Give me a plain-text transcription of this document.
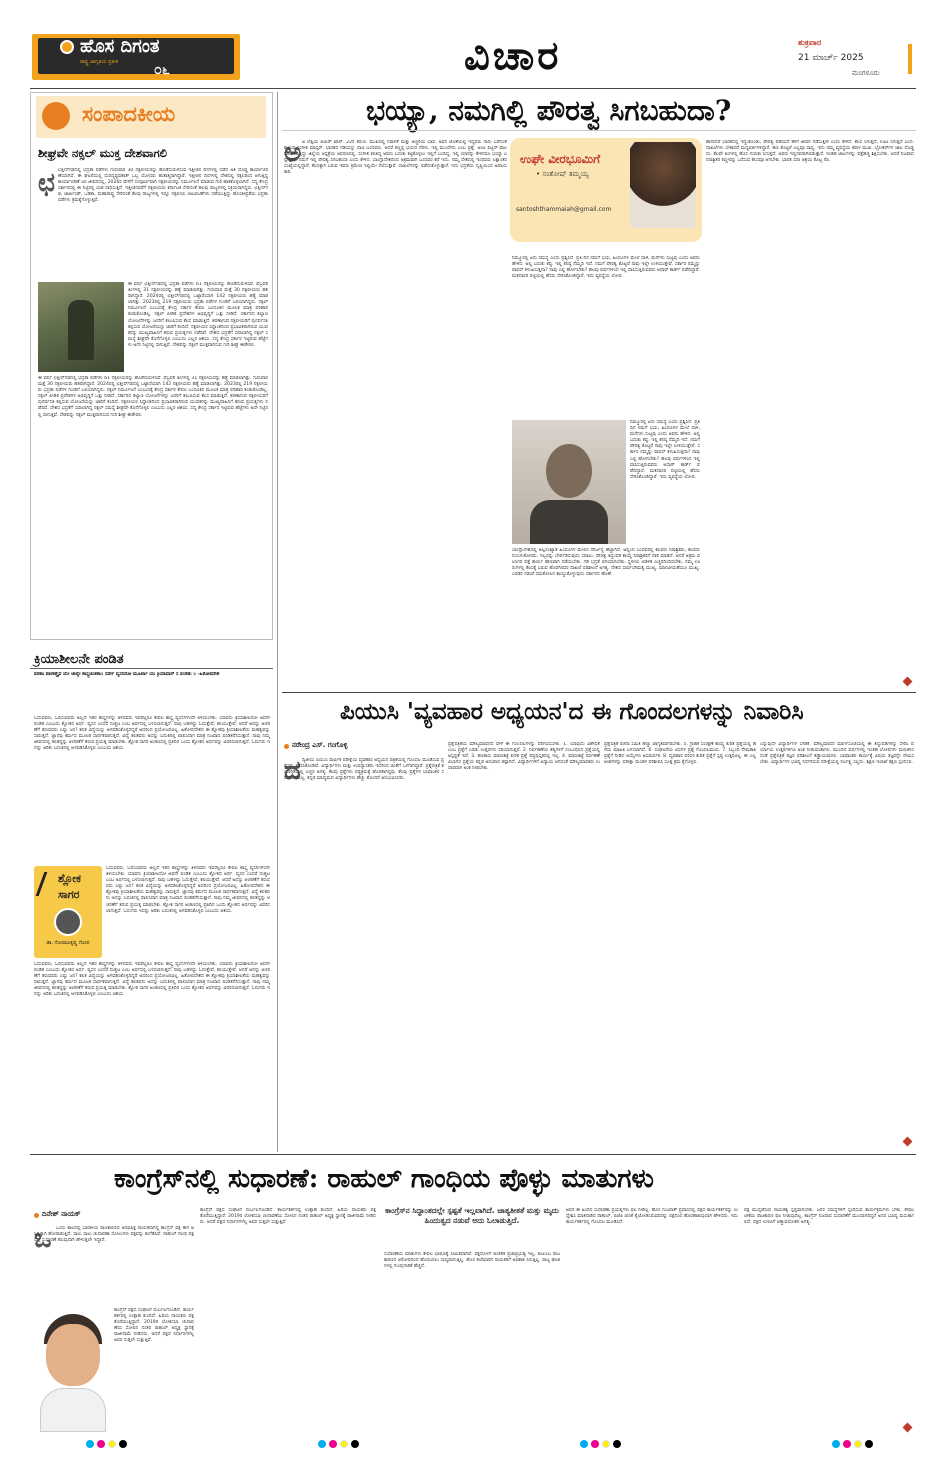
ಹೊಸ ದಿಗಂತ
ರಾಷ್ಟ್ರ ಜಾಗೃತಿಯ ಪ್ರತೀಕ	೦೬	ವಿಚಾರ	ಶುಕ್ರವಾರ
21 ಮಾರ್ಚ್ 2025
ಮಂಗಳೂರು
ಸಂಪಾದಕೀಯ
ಶೀಘ್ರವೇ ನಕ್ಸಲ್ ಮುಕ್ತ ದೇಶವಾಗಲಿ
ಛ ಛತ್ತೀಸ್‌ಗಢದಲ್ಲಿ ಭದ್ರತಾ ಪಡೆಗಳು ಗುರುವಾರ 30 ನಕ್ಸಲೀಯರನ್ನು ಹೊಡೆದುರುಳಿಸುವ ಇತ್ತೀಚಿನ ದಿನಗಳಲ್ಲಿ ನಡೆದ ಅತಿ ದೊಡ್ಡ ಕಾರ್ಯಾಚರಣೆಯಾಗಿದೆ. ಈ ಘಟನೆಯಲ್ಲಿ ದುರದೃಷ್ಟವಶಾತ್ ಒಬ್ಬ ಯೋಧರು ಹುತಾತ್ಮರಾಗಿದ್ದಾರೆ. ಇತ್ತೀಚಿನ ದಿನಗಳಲ್ಲಿ ದೇಶದಲ್ಲಿ ನಕ್ಸಲರಿಂದ ಆಗುತ್ತಿದ್ದ ಕಾರ್ಯಾಚರಣೆ ಜನ ಜೀವನದಲ್ಲಿ, 2026ರ ವೇಳೆಗೆ ಸಂಪೂರ್ಣವಾಗಿ ನಕ್ಸಲೀಯರನ್ನು ನಿರ್ಮೂಲನೆ ಮಾಡುವ ಗುರಿ ಹಾಕಿಕೊಳ್ಳಲಾಗಿದೆ. ಸದ್ಯ ಕೇಂದ್ರ ಸರ್ಕಾರದಲ್ಲಿ ಈ ನಿಟ್ಟಿನಲ್ಲಿ ಯಶ ಸಾಧಿಸುತ್ತಿದೆ. ಇತ್ತೀಚಿನವರೆಗೆ ನಕ್ಸಲೀಯರು ಕರ್ನಾಟಕ ಸೇರಿದಂತೆ ಹಲವು ರಾಜ್ಯಗಳಲ್ಲಿ ಸಕ್ರಿಯರಾಗಿದ್ದರು. ಛತ್ತೀಸ್‌ಗಢ, ಜಾರ್ಖಂಡ್, ಒಡಿಶಾ, ಮಹಾರಾಷ್ಟ್ರ ಸೇರಿದಂತೆ ಕೆಲವು ರಾಜ್ಯಗಳಲ್ಲಿ ಇನ್ನೂ ನಕ್ಸಲೀಯ ಚಟುವಟಿಕೆಗಳು ನಡೆಯುತ್ತಿದ್ದು ಹೊಸತೀವ್ರತೆಯ ಭದ್ರತಾ ಪಡೆಗಳು ಕ್ರಮಕೈಗೊಳ್ಳುತ್ತಿವೆ.
ಈ ವರ್ಷ ಛತ್ತೀಸ್‌ಗಢದಲ್ಲಿ ಭದ್ರತಾ ಪಡೆಗಳು 61 ನಕ್ಸಲೀಯರನ್ನು ಹೊಡೆದುರುಳಿಸಿವೆ. ಫೆಬ್ರವರಿ ತಿಂಗಳಲ್ಲಿ 31 ನಕ್ಸಲೀಯರನ್ನು ಹತ್ಯೆ ಮಾಡಲಾಗಿತ್ತು. ಗುರುವಾರ ಮತ್ತೆ 30 ನಕ್ಸಲೀಯರು ಹತರಾಗಿದ್ದಾರೆ. 2024ರಲ್ಲಿ ಛತ್ತೀಸ್‌ಗಢದಲ್ಲಿ ಒಟ್ಟಾರೆಯಾಗಿ 142 ನಕ್ಸಲೀಯರು ಹತ್ಯೆ ಮಾಡಲಾಗಿತ್ತು. 2023ರಲ್ಲಿ 219 ನಕ್ಸಲೀಯರು ಭದ್ರತಾ ಪಡೆಗಳ ಗುಂಡಿಗೆ ಬಲಿಯಾಗಿದ್ದರು. ನಕ್ಸಲ್ ನಿರ್ಮೂಲನೆ ಎಂಬುದಕ್ಕೆ ಕೇಂದ್ರ ಸರ್ಕಾರ ಕೇವಲ ಬಂದೂಕಿನ ಮೂಲಕ ಮಾತ್ರ ಪರಿಹಾರ ಕಂಡುಕೊಂಡಿಲ್ಲ. ನಕ್ಸಲ್ ಪೀಡಿತ ಪ್ರದೇಶಗಳ ಅಭಿವೃದ್ಧಿಗೆ ಒತ್ತು ನೀಡಿದೆ. ಸರ್ಕಾರದ ಕಲ್ಯಾಣ ಯೋಜನೆಗಳನ್ನು ಜನರಿಗೆ ತಲುಪಿಸುವ ಕೆಲಸ ಮಾಡುತ್ತಿದೆ. ಶರಣಾಗುವ ನಕ್ಸಲೀಯರಿಗೆ ಪುನರ್ವಸತಿ ಕಲ್ಪಿಸುವ ಯೋಜನೆಯನ್ನು ಜಾರಿಗೆ ತಂದಿದೆ. ನಕ್ಸಲೀಯರ ಸಿದ್ಧಾಂತದಿಂದ ಪ್ರಭಾವಿತರಾಗಿರುವ ಯುವಕರನ್ನು ಮುಖ್ಯವಾಹಿನಿಗೆ ತರುವ ಪ್ರಯತ್ನಗಳು ನಡೆದಿವೆ. ದೇಶದ ಭದ್ರತೆಗೆ ಸವಾಲಾಗಿದ್ದ ನಕ್ಸಲ್ ಸಮಸ್ಯೆ ಶೀಘ್ರವೇ ಕೊನೆಗೊಳ್ಳಲಿ ಎಂಬುದು ಎಲ್ಲರ ಆಶಯ. ಸದ್ಯ ಕೇಂದ್ರ ಸರ್ಕಾರ ಇಟ್ಟಿರುವ ಹೆಜ್ಜೆಗಳು ಅದೇ ನಿಟ್ಟಿನಲ್ಲಿ ಸಾಗುತ್ತಿವೆ. ದೇಶವನ್ನು ನಕ್ಸಲ್ ಮುಕ್ತವಾಗಿಸುವ ಗುರಿ ಶೀಘ್ರ ಈಡೇರಲಿ.
ಈ ವರ್ಷ ಛತ್ತೀಸ್‌ಗಢದಲ್ಲಿ ಭದ್ರತಾ ಪಡೆಗಳು 61 ನಕ್ಸಲೀಯರನ್ನು ಹೊಡೆದುರುಳಿಸಿವೆ. ಫೆಬ್ರವರಿ ತಿಂಗಳಲ್ಲಿ 31 ನಕ್ಸಲೀಯರನ್ನು ಹತ್ಯೆ ಮಾಡಲಾಗಿತ್ತು. ಗುರುವಾರ ಮತ್ತೆ 30 ನಕ್ಸಲೀಯರು ಹತರಾಗಿದ್ದಾರೆ. 2024ರಲ್ಲಿ ಛತ್ತೀಸ್‌ಗಢದಲ್ಲಿ ಒಟ್ಟಾರೆಯಾಗಿ 142 ನಕ್ಸಲೀಯರು ಹತ್ಯೆ ಮಾಡಲಾಗಿತ್ತು. 2023ರಲ್ಲಿ 219 ನಕ್ಸಲೀಯರು ಭದ್ರತಾ ಪಡೆಗಳ ಗುಂಡಿಗೆ ಬಲಿಯಾಗಿದ್ದರು. ನಕ್ಸಲ್ ನಿರ್ಮೂಲನೆ ಎಂಬುದಕ್ಕೆ ಕೇಂದ್ರ ಸರ್ಕಾರ ಕೇವಲ ಬಂದೂಕಿನ ಮೂಲಕ ಮಾತ್ರ ಪರಿಹಾರ ಕಂಡುಕೊಂಡಿಲ್ಲ. ನಕ್ಸಲ್ ಪೀಡಿತ ಪ್ರದೇಶಗಳ ಅಭಿವೃದ್ಧಿಗೆ ಒತ್ತು ನೀಡಿದೆ. ಸರ್ಕಾರದ ಕಲ್ಯಾಣ ಯೋಜನೆಗಳನ್ನು ಜನರಿಗೆ ತಲುಪಿಸುವ ಕೆಲಸ ಮಾಡುತ್ತಿದೆ. ಶರಣಾಗುವ ನಕ್ಸಲೀಯರಿಗೆ ಪುನರ್ವಸತಿ ಕಲ್ಪಿಸುವ ಯೋಜನೆಯನ್ನು ಜಾರಿಗೆ ತಂದಿದೆ. ನಕ್ಸಲೀಯರ ಸಿದ್ಧಾಂತದಿಂದ ಪ್ರಭಾವಿತರಾಗಿರುವ ಯುವಕರನ್ನು ಮುಖ್ಯವಾಹಿನಿಗೆ ತರುವ ಪ್ರಯತ್ನಗಳು ನಡೆದಿವೆ. ದೇಶದ ಭದ್ರತೆಗೆ ಸವಾಲಾಗಿದ್ದ ನಕ್ಸಲ್ ಸಮಸ್ಯೆ ಶೀಘ್ರವೇ ಕೊನೆಗೊಳ್ಳಲಿ ಎಂಬುದು ಎಲ್ಲರ ಆಶಯ. ಸದ್ಯ ಕೇಂದ್ರ ಸರ್ಕಾರ ಇಟ್ಟಿರುವ ಹೆಜ್ಜೆಗಳು ಅದೇ ನಿಟ್ಟಿನಲ್ಲಿ ಸಾಗುತ್ತಿವೆ. ದೇಶವನ್ನು ನಕ್ಸಲ್ ಮುಕ್ತವಾಗಿಸುವ ಗುರಿ ಶೀಘ್ರ ಈಡೇರಲಿ.
ಕ್ರಿಯಾಶೀಲನೇ ಪಂಡಿತ
ಪಠಕಾಃ ಪಾಠಕಶ್ಚೈವ ಯೇ ಚಾನ್ಯೇ ಶಾಸ್ತ್ರಚಿಂತಕಾಃ। ಸರ್ವೇ ವ್ಯಸನಿನೋ ಮೂರ್ಖಾ ಯಃ ಕ್ರಿಯಾವಾನ್ ಸ ಪಂಡಿತಃ ॥ -ಹಿತೋಪದೇಶ
ಓದುವವರು, ಓದಿಸುವವರು ಅಲ್ಲದೆ ಇತರ ಶಾಸ್ತ್ರಗಳನ್ನು ತಿಳಿದವರು ಇವರೆಲ್ಲರೂ ಕೇವಲ ಶಾಸ್ತ್ರ ವ್ಯಸನಿಗಳೆಂದೇ ತಿಳಿಯಬೇಕು. ಯಾವನು ಕ್ರಿಯಾಶೀಲನೋ ಅವನೇ ಪಂಡಿತ ಎಂಬುದು ಶ್ಲೋಕದ ಅರ್ಥ. ವ್ಯಸನ ಎಂದರೆ ದುಶ್ಚಟ ಎಂಬ ಅರ್ಥದಲ್ಲಿ ಬಳಸಲಾಗುತ್ತದೆ. ನಾವು ಬಹಳಷ್ಟು ಓದುತ್ತೇವೆ, ಕಲಿಯುತ್ತೇವೆ. ಆದರೆ ಅದನ್ನು ಆಚರಣೆಗೆ ತರುವವರು ಎಷ್ಟು ಜನ? ಕಲಿತ ವಿದ್ಯೆಯನ್ನು ಅಳವಡಿಸಿಕೊಳ್ಳದಿದ್ದರೆ ಅದರಿಂದ ಪ್ರಯೋಜನವಿಲ್ಲ. ಹಿತೋಪದೇಶದ ಈ ಶ್ಲೋಕವು ಕ್ರಿಯಾಶೀಲತೆಯ ಮಹತ್ವವನ್ನು ಸಾರುತ್ತದೆ. ಜ್ಞಾನವು ಕರ್ಮದ ಮೂಲಕ ಸಾರ್ಥಕವಾಗುತ್ತದೆ. ವಿದ್ಯೆ ಕಲಿತವನು ಅದನ್ನು ಬದುಕಿನಲ್ಲಿ ಪಾಲಿಸಿದಾಗ ಮಾತ್ರ ನಿಜವಾದ ಪಂಡಿತನೆನಿಸುತ್ತಾನೆ. ನಾವು ನಮ್ಮ ಜೀವನದಲ್ಲಿ ಕಲಿತದ್ದನ್ನು ಆಚರಣೆಗೆ ತರುವ ಪ್ರಯತ್ನ ಮಾಡಬೇಕು. ಶ್ಲೋಕ ಸಾಗರ ಅಂಕಣದಲ್ಲಿ ಪ್ರತಿದಿನ ಒಂದು ಶ್ಲೋಕದ ಅರ್ಥವನ್ನು ವಿವರಿಸಲಾಗುತ್ತದೆ. ಓದುಗರು ಇದನ್ನು ಅರಿತು ಬದುಕಿನಲ್ಲಿ ಅಳವಡಿಸಿಕೊಳ್ಳಲಿ ಎಂಬುದು ಆಶಯ.
ಶ್ಲೋಕ
ಸಾಗರ
ಡಾ. ಗೋಪಾಲಕೃಷ್ಣ ಗೋಪ
ಓದುವವರು, ಓದಿಸುವವರು ಅಲ್ಲದೆ ಇತರ ಶಾಸ್ತ್ರಗಳನ್ನು ತಿಳಿದವರು ಇವರೆಲ್ಲರೂ ಕೇವಲ ಶಾಸ್ತ್ರ ವ್ಯಸನಿಗಳೆಂದೇ ತಿಳಿಯಬೇಕು. ಯಾವನು ಕ್ರಿಯಾಶೀಲನೋ ಅವನೇ ಪಂಡಿತ ಎಂಬುದು ಶ್ಲೋಕದ ಅರ್ಥ. ವ್ಯಸನ ಎಂದರೆ ದುಶ್ಚಟ ಎಂಬ ಅರ್ಥದಲ್ಲಿ ಬಳಸಲಾಗುತ್ತದೆ. ನಾವು ಬಹಳಷ್ಟು ಓದುತ್ತೇವೆ, ಕಲಿಯುತ್ತೇವೆ. ಆದರೆ ಅದನ್ನು ಆಚರಣೆಗೆ ತರುವವರು ಎಷ್ಟು ಜನ? ಕಲಿತ ವಿದ್ಯೆಯನ್ನು ಅಳವಡಿಸಿಕೊಳ್ಳದಿದ್ದರೆ ಅದರಿಂದ ಪ್ರಯೋಜನವಿಲ್ಲ. ಹಿತೋಪದೇಶದ ಈ ಶ್ಲೋಕವು ಕ್ರಿಯಾಶೀಲತೆಯ ಮಹತ್ವವನ್ನು ಸಾರುತ್ತದೆ. ಜ್ಞಾನವು ಕರ್ಮದ ಮೂಲಕ ಸಾರ್ಥಕವಾಗುತ್ತದೆ. ವಿದ್ಯೆ ಕಲಿತವನು ಅದನ್ನು ಬದುಕಿನಲ್ಲಿ ಪಾಲಿಸಿದಾಗ ಮಾತ್ರ ನಿಜವಾದ ಪಂಡಿತನೆನಿಸುತ್ತಾನೆ. ನಾವು ನಮ್ಮ ಜೀವನದಲ್ಲಿ ಕಲಿತದ್ದನ್ನು ಆಚರಣೆಗೆ ತರುವ ಪ್ರಯತ್ನ ಮಾಡಬೇಕು. ಶ್ಲೋಕ ಸಾಗರ ಅಂಕಣದಲ್ಲಿ ಪ್ರತಿದಿನ ಒಂದು ಶ್ಲೋಕದ ಅರ್ಥವನ್ನು ವಿವರಿಸಲಾಗುತ್ತದೆ. ಓದುಗರು ಇದನ್ನು ಅರಿತು ಬದುಕಿನಲ್ಲಿ ಅಳವಡಿಸಿಕೊಳ್ಳಲಿ ಎಂಬುದು ಆಶಯ.
ಓದುವವರು, ಓದಿಸುವವರು ಅಲ್ಲದೆ ಇತರ ಶಾಸ್ತ್ರಗಳನ್ನು ತಿಳಿದವರು ಇವರೆಲ್ಲರೂ ಕೇವಲ ಶಾಸ್ತ್ರ ವ್ಯಸನಿಗಳೆಂದೇ ತಿಳಿಯಬೇಕು. ಯಾವನು ಕ್ರಿಯಾಶೀಲನೋ ಅವನೇ ಪಂಡಿತ ಎಂಬುದು ಶ್ಲೋಕದ ಅರ್ಥ. ವ್ಯಸನ ಎಂದರೆ ದುಶ್ಚಟ ಎಂಬ ಅರ್ಥದಲ್ಲಿ ಬಳಸಲಾಗುತ್ತದೆ. ನಾವು ಬಹಳಷ್ಟು ಓದುತ್ತೇವೆ, ಕಲಿಯುತ್ತೇವೆ. ಆದರೆ ಅದನ್ನು ಆಚರಣೆಗೆ ತರುವವರು ಎಷ್ಟು ಜನ? ಕಲಿತ ವಿದ್ಯೆಯನ್ನು ಅಳವಡಿಸಿಕೊಳ್ಳದಿದ್ದರೆ ಅದರಿಂದ ಪ್ರಯೋಜನವಿಲ್ಲ. ಹಿತೋಪದೇಶದ ಈ ಶ್ಲೋಕವು ಕ್ರಿಯಾಶೀಲತೆಯ ಮಹತ್ವವನ್ನು ಸಾರುತ್ತದೆ. ಜ್ಞಾನವು ಕರ್ಮದ ಮೂಲಕ ಸಾರ್ಥಕವಾಗುತ್ತದೆ. ವಿದ್ಯೆ ಕಲಿತವನು ಅದನ್ನು ಬದುಕಿನಲ್ಲಿ ಪಾಲಿಸಿದಾಗ ಮಾತ್ರ ನಿಜವಾದ ಪಂಡಿತನೆನಿಸುತ್ತಾನೆ. ನಾವು ನಮ್ಮ ಜೀವನದಲ್ಲಿ ಕಲಿತದ್ದನ್ನು ಆಚರಣೆಗೆ ತರುವ ಪ್ರಯತ್ನ ಮಾಡಬೇಕು. ಶ್ಲೋಕ ಸಾಗರ ಅಂಕಣದಲ್ಲಿ ಪ್ರತಿದಿನ ಒಂದು ಶ್ಲೋಕದ ಅರ್ಥವನ್ನು ವಿವರಿಸಲಾಗುತ್ತದೆ. ಓದುಗರು ಇದನ್ನು ಅರಿತು ಬದುಕಿನಲ್ಲಿ ಅಳವಡಿಸಿಕೊಳ್ಳಲಿ ಎಂಬುದು ಆಶಯ.
ಭಯ್ಯಾ, ನಮಗಿಲ್ಲಿ ಪೌರತ್ವ ಸಿಗಬಹುದಾ?
ಅ ಅ ಲೆಪ್ಪಿಯ ಆಮಿರ್ ಖಾನ್. 22ರ ತರುಣ. ಮುಖದಲ್ಲಿ ನಿರಾಳತೆ ಮತ್ತು ಅಚ್ಚರಿಯ ಭಾವ. ಅವನ ಜೊತೆಯಲ್ಲಿ ಇದ್ದವರು ನಾನು ಬರೆದಂತೆ ಕಾಣುವ ಸಂಗೀತ ಮಾಸ್ತರ್. ಭಾರತದ ಗಡಿಯನ್ನು ದಾಟಿ ಬಂದವರು. ಆದರೆ ಕಣ್ಣಲ್ಲಿ ಭಯದ ನೆರಳು. ಇಲ್ಲಿ ಮುಂದೇನು ಎಂಬ ಪ್ರಶ್ನೆ. ಆಂಟ ಲಿಟ್ಟನ್ ವಾಲ ಮಾತಿಗೆ ಸಿಕ್ಕಿದ್ದು ಜಿಲ್ಲೆಯ ಆಸ್ಪತ್ರೆಯ ಆವರಣದಲ್ಲಿ. ಸಂಗೀತ ಕಲಿತಿದ್ದ ಅವನು ಬದುಕು ಕಟ್ಟಿಕೊಳ್ಳಲು ಇಲ್ಲಿಗೆ ಬಂದಿದ್ದ. ಇಲ್ಲಿ ಯಾರನ್ನು ಕೇಳಿದರೂ ಭಯ್ಯಾ ಎನ್ನುತ್ತಾರೆ. ನಮಗೆ ಇಲ್ಲಿ ಪೌರತ್ವ ಸಿಗಬಹುದಾ ಎಂದು ಕೇಳಿದ. ಬಾಂಗ್ಲಾದೇಶದಿಂದ ಅಕ್ರಮವಾಗಿ ಬಂದವರ ಕಥೆ ಇದು. ನಮ್ಮ ದೇಶದಲ್ಲಿ ಇಂಥವರು ಲಕ್ಷಾಂತರ ಸಂಖ್ಯೆಯಲ್ಲಿದ್ದಾರೆ. ಕೆಲಸಕ್ಕಾಗಿ ಬರುವ ಇವರು ಕ್ರಮೇಣ ಇಲ್ಲಿಯೇ ನೆಲೆಸುತ್ತಾರೆ. ದಾಖಲೆಗಳನ್ನು ಪಡೆದುಕೊಳ್ಳುತ್ತಾರೆ. ಇದು ಭದ್ರತೆಯ ದೃಷ್ಟಿಯಿಂದ ಅಪಾಯಕಾರಿ.
ಉಘೇ ವೀರಭೂಮಿಗೆ
• ಸಂತೋಷ್ ತಮ್ಮಯ್ಯ
santoshthammaiah@gmail.com
ನಿಮ್ಮೂರಲ್ಲಿ ಏನು ಸಮಸ್ಯೆ ಎಂದು ಪ್ರಶ್ನಿಸಿದೆ. ಪ್ರತಿ ದಿನ ನಮಗೆ ಭಯ, ಹಿಂದೂಗಳ ಮೇಲೆ ದಾಳಿ, ಮನೆಗಳು ಸುಟ್ಟವು ಎಂದು ಅವನು ಹೇಳಿದ. ಅಲ್ಲಿ ಬದುಕು ಕಷ್ಟ. ಇಲ್ಲಿ ಕನಿಷ್ಠ ನೆಮ್ಮದಿ ಇದೆ. ನಮಗೆ ಪೌರತ್ವ ಕೊಟ್ಟರೆ ನಾವು ಇಲ್ಲೇ ಉಳಿಯುತ್ತೇವೆ. ಸರ್ಕಾರ ನಮ್ಮನ್ನು ವಾಪಸ್ ಕಳುಹಿಸುತ್ತದಾ? ನಾವು ಎಲ್ಲಿ ಹೋಗಬೇಕು? ಹಲವು ವರ್ಷಗಳಿಂದ ಇಲ್ಲಿ ವಾಸಿಸುತ್ತಿರುವವರು ಆಧಾರ್ ಕಾರ್ಡ್ ಪಡೆದಿದ್ದಾರೆ. ಮತದಾರರ ಪಟ್ಟಿಯಲ್ಲಿ ಹೆಸರು ಸೇರಿಸಿಕೊಂಡಿದ್ದಾರೆ. ಇದು ವ್ಯವಸ್ಥೆಯ ಲೋಪ.
ನಿಮ್ಮೂರಲ್ಲಿ ಏನು ಸಮಸ್ಯೆ ಎಂದು ಪ್ರಶ್ನಿಸಿದೆ. ಪ್ರತಿ ದಿನ ನಮಗೆ ಭಯ, ಹಿಂದೂಗಳ ಮೇಲೆ ದಾಳಿ, ಮನೆಗಳು ಸುಟ್ಟವು ಎಂದು ಅವನು ಹೇಳಿದ. ಅಲ್ಲಿ ಬದುಕು ಕಷ್ಟ. ಇಲ್ಲಿ ಕನಿಷ್ಠ ನೆಮ್ಮದಿ ಇದೆ. ನಮಗೆ ಪೌರತ್ವ ಕೊಟ್ಟರೆ ನಾವು ಇಲ್ಲೇ ಉಳಿಯುತ್ತೇವೆ. ಸರ್ಕಾರ ನಮ್ಮನ್ನು ವಾಪಸ್ ಕಳುಹಿಸುತ್ತದಾ? ನಾವು ಎಲ್ಲಿ ಹೋಗಬೇಕು? ಹಲವು ವರ್ಷಗಳಿಂದ ಇಲ್ಲಿ ವಾಸಿಸುತ್ತಿರುವವರು ಆಧಾರ್ ಕಾರ್ಡ್ ಪಡೆದಿದ್ದಾರೆ. ಮತದಾರರ ಪಟ್ಟಿಯಲ್ಲಿ ಹೆಸರು ಸೇರಿಸಿಕೊಂಡಿದ್ದಾರೆ. ಇದು ವ್ಯವಸ್ಥೆಯ ಲೋಪ.
ಬಾಂಗ್ಲಾದೇಶದಲ್ಲಿ ಅಲ್ಪಸಂಖ್ಯಾತ ಹಿಂದೂಗಳ ಮೇಲಿನ ದೌರ್ಜನ್ಯ ಹೆಚ್ಚಾಗಿದೆ. ಅಲ್ಲಿಂದ ಬಂದವರಲ್ಲಿ ಕೆಲವರು ನಿರಾಶ್ರಿತರು, ಕೆಲವರು ನುಸುಳುಕೋರರು. ಇಬ್ಬರನ್ನು ಬೇರ್ಪಡಿಸುವುದು ಸವಾಲು. ಪೌರತ್ವ ತಿದ್ದುಪಡಿ ಕಾಯ್ದೆ ನಿರಾಶ್ರಿತರಿಗೆ ದಾರಿ ಮಾಡಿದೆ. ಆದರೆ ಅಕ್ರಮ ವಲಸಿಗರ ಪತ್ತೆ ಕಾರ್ಯ ಕಠಿಣವಾಗಿ ನಡೆಯಬೇಕು. ಗಡಿ ಭದ್ರತೆ ಬಿಗಿಯಾಗಬೇಕು. ಸ್ಥಳೀಯ ಆಡಳಿತ ಎಚ್ಚರದಿಂದಿರಬೇಕು. ನಮ್ಮ ಊರುಗಳಲ್ಲಿ ಕೆಲಸಕ್ಕೆ ಬರುವ ಹೊರಗಿನವರ ದಾಖಲೆ ಪರಿಶೀಲನೆ ಅಗತ್ಯ. ದೇಶದ ಸಾರ್ವಭೌಮತ್ವ ಮುಖ್ಯ. ಮಾನವೀಯತೆಯೂ ಮುಖ್ಯ. ಎರಡರ ನಡುವೆ ಸಮತೋಲನ ಕಾಯ್ದುಕೊಳ್ಳುವುದು ಸರ್ಕಾರದ ಹೊಣೆ.
ಹಾಗಾದರೆ ಭಾರತದಲ್ಲಿ ಇದ್ದುಕೊಂಡು, ಪೌರತ್ವ ಪಡೆಯದೆ ಹೇಗೆ ಜೀವನ ನಡೆಸುತ್ತೀರಿ ಎಂದು ಕೇಳಿದೆ. ಕೆಲಸ ಸಿಗುತ್ತದೆ, ಊಟ ಸಿಗುತ್ತದೆ ಎಂದ. ದಾಖಲೆಗಳು ಬೇಕಾದರೆ ಮಧ್ಯವರ್ತಿಗಳಿದ್ದಾರೆ. ಹಣ ಕೊಟ್ಟರೆ ಎಲ್ಲವೂ ಸಾಧ್ಯ. ಇದು ನಮ್ಮ ವ್ಯವಸ್ಥೆಯ ಕರಾಳ ಮುಖ. ಬ್ರೋಕರ್‌ಗಳ ಜಾಲ ದೊಡ್ಡದು. ಕೆಲವೇ ತಿಂಗಳಲ್ಲಿ ಹೊಸ ಗುರುತು ಸಿಗುತ್ತದೆ. ಅವರು ಇಲ್ಲಿನವರಾಗಿಬಿಡುತ್ತಾರೆ. ಇಂತಹ ಜಾಲಗಳನ್ನು ಪತ್ತೆಹಚ್ಚಿ ಶಿಕ್ಷಿಸಬೇಕು. ಆದರೆ ನಿಜವಾದ ನಿರಾಶ್ರಿತರ ಕಣ್ಣೀರನ್ನು ಒರೆಸುವ ಕೆಲಸವೂ ಆಗಬೇಕು. ಭಾರತ ಸದಾ ಆಶ್ರಯ ಕೊಟ್ಟ ನೆಲ.
ಪಿಯುಸಿ 'ವ್ಯವಹಾರ ಅಧ್ಯಯನ'ದ ಈ ಗೊಂದಲಗಳನ್ನು ನಿವಾರಿಸಿ
ನರೇಂದ್ರ ಎಸ್. ಗಂಗೊಳ್ಳಿ
ದ ದ್ವಿತೀಯ ಪಿಯುಸಿ ವಾರ್ಷಿಕ ಪರೀಕ್ಷೆಯ ವ್ಯವಹಾರ ಅಧ್ಯಯನ ಪತ್ರಿಕೆಯಲ್ಲಿ ಗೊಂದಲ ಮೂಡಿಸುವ ಪ್ರಶ್ನೆಗಳು ಕಾಣಿಸಿಕೊಂಡಿವೆ. ವಿದ್ಯಾರ್ಥಿಗಳು ಮತ್ತು ಉಪನ್ಯಾಸಕರು ಇದರಿಂದ ಚಿಂತೆಗೆ ಒಳಗಾಗಿದ್ದಾರೆ. ಪ್ರಶ್ನೆಪತ್ರಿಕೆ ತಯಾರಿಕೆಯಲ್ಲಿ ಎಚ್ಚರ ಅಗತ್ಯ. ಕೆಲವು ಪ್ರಶ್ನೆಗಳು ಪಠ್ಯಕ್ರಮಕ್ಕೆ ಹೊರತಾಗಿದ್ದವು. ಕೆಲವು ಪ್ರಶ್ನೆಗಳ ಭಾಷಾಂತರ ಸರಿಯಾಗಿರಲಿಲ್ಲ. ಕನ್ನಡ ಮಾಧ್ಯಮದ ವಿದ್ಯಾರ್ಥಿಗಳು ಹೆಚ್ಚು ತೊಂದರೆ ಅನುಭವಿಸಿದರು.
ಪ್ರಶ್ನೆಪತ್ರಿಕೆಯ ಮೌಲ್ಯಮಾಪನದ ವೇಳೆ ಈ ಗೊಂದಲಗಳನ್ನು ಪರಿಗಣಿಸಬೇಕು. 1. ಯಾವುದು ವಿಶೇಷತೆ ಎಂಬ ಪ್ರಶ್ನೆಗೆ ಎರಡು ಉತ್ತರಗಳು ಸರಿಯಾಗುತ್ತವೆ. 2. ನಿರ್ವಹಣೆಯ ತತ್ವಗಳಿಗೆ ಸಂಬಂಧಿಸಿದ ಪ್ರಶ್ನೆಯಲ್ಲಿ ಅಸ್ಪಷ್ಟತೆ ಇದೆ. 3. ಹಣಕಾಸು ಮಾರುಕಟ್ಟೆ ಕುರಿತ ಪ್ರಶ್ನೆ ಪಠ್ಯಪುಸ್ತಕದಲ್ಲಿ ಇಲ್ಲ. 4. ಮಾರುಕಟ್ಟೆ ನಿರ್ವಹಣೆ ವಿಭಾಗದ ಪ್ರಶ್ನೆಯ ಕನ್ನಡ ಅನುವಾದ ತಪ್ಪಾಗಿದೆ. ವಿದ್ಯಾರ್ಥಿಗಳಿಗೆ ಅನ್ಯಾಯ ಆಗದಂತೆ ಮೌಲ್ಯಮಾಪಕರು ಉದಾರವಾಗಿ ಅಂಕ ನೀಡಬೇಕು.
ಪ್ರಶ್ನೆಪತ್ರಿಕೆ ರಚನಾ ಸಮಿತಿ ಹೆಚ್ಚು ಜಾಗೃತವಾಗಿರಬೇಕು. 5. ಗ್ರಾಹಕ ಸಂರಕ್ಷಣೆ ಕಾಯ್ದೆ ಕುರಿತ ಪ್ರಶ್ನೆಯಲ್ಲಿ ಹಳೆಯ ಮಾಹಿತಿ ಬಳಸಲಾಗಿದೆ. 6. ಸಂಘಟನೆಯ ವಿಧಗಳ ಪ್ರಶ್ನೆ ಗೊಂದಲಮಯ. 7. ಸಿಬ್ಬಂದಿ ನೇಮಕಾತಿ ಪ್ರಶ್ನೆಗೆ ನೀಡಿದ ಆಯ್ಕೆಗಳು ಅಸಮರ್ಪಕ. 8. ವ್ಯವಹಾರ ಪರಿಸರ ಕುರಿತ ಪ್ರಶ್ನೆಗೆ ಸ್ಪಷ್ಟ ಉತ್ತರವಿಲ್ಲ. ಈ ಎಲ್ಲ ಅಂಶಗಳನ್ನು ಪರೀಕ್ಷಾ ಮಂಡಳಿ ಪರಿಶೀಲಿಸಿ ಸೂಕ್ತ ಕ್ರಮ ಕೈಗೊಳ್ಳಲಿ.
ಎನ್ನುವುದೇ ವಿದ್ಯಾರ್ಥಿಗಳ ಬೇಡಿಕೆ. ಮೌಲ್ಯಮಾಪನ ಮಾರ್ಗಸೂಚಿಯಲ್ಲಿ ಈ ತಿದ್ದುಪಡಿಗಳನ್ನು ಸೇರಿಸಿ ಪರ್ಯಾಯ ಉತ್ತರಗಳಿಗೂ ಅಂಕ ನೀಡುವಂತಾಗಲಿ. ಮುಂದಿನ ವರ್ಷಗಳಲ್ಲಿ ಇಂತಹ ಲೋಪಗಳು ಮರುಕಳಿಸದಂತೆ ಪ್ರಶ್ನೆಪತ್ರಿಕೆ ತಜ್ಞರ ಪರಿಶೀಲನೆ ಕಡ್ಡಾಯವಾಗಲಿ. ಭಾಷಾಂತರ ಕಾರ್ಯಕ್ಕೆ ವಿಷಯ ತಜ್ಞರನ್ನೇ ನೇಮಿಸಬೇಕು. ವಿದ್ಯಾರ್ಥಿಗಳ ಭವಿಷ್ಯ ನಿರ್ಧರಿಸುವ ಪರೀಕ್ಷೆಯಲ್ಲಿ ನಿರ್ಲಕ್ಷ್ಯ ಸಲ್ಲದು. ಶಿಕ್ಷಣ ಇಲಾಖೆ ತಕ್ಷಣ ಸ್ಪಂದಿಸಲಿ.
ಕಾಂಗ್ರೆಸ್‌ನಲ್ಲಿ ಸುಧಾರಣೆ: ರಾಹುಲ್ ಗಾಂಧಿಯ ಪೊಳ್ಳು ಮಾತುಗಳು
ದಿನೇಶ್ ನಾಯಕ್
ಒ ಒಂದು ಕಾಲದಲ್ಲಿ ಭಾರತೀಯ ರಾಜಕಾರಣದ ಅನಭಿಷಿಕ್ತ ನಾಯಕನಾಗಿದ್ದ ಕಾಂಗ್ರೆಸ್ ಪಕ್ಷ ಈಗ ಅಸ್ತಿತ್ವಕ್ಕಾಗಿ ಹೋರಾಡುತ್ತಿದೆ. ಸಾಲು ಸಾಲು ಚುನಾವಣಾ ಸೋಲುಗಳು ಪಕ್ಷವನ್ನು ಕಂಗೆಡಿಸಿವೆ. ರಾಹುಲ್ ಗಾಂಧಿ ಪಕ್ಷದಲ್ಲಿ ಸುಧಾರಣೆ ತರುವುದಾಗಿ ಹೇಳುತ್ತಲೇ ಇದ್ದಾರೆ.
ಕಾಂಗ್ರೆಸ್ ಪಕ್ಷದ ಸಂಘಟನೆ ದುರ್ಬಲಗೊಂಡಿದೆ. ಕಾರ್ಯಕರ್ತರಲ್ಲಿ ಉತ್ಸಾಹ ಕುಂದಿದೆ. ಹಿರಿಯ ನಾಯಕರು ಪಕ್ಷ ತೊರೆಯುತ್ತಿದ್ದಾರೆ. 2019ರ ಲೋಕಸಭಾ ಚುನಾವಣೆಯ ಸೋಲಿನ ನಂತರ ರಾಹುಲ್ ಅಧ್ಯಕ್ಷ ಸ್ಥಾನಕ್ಕೆ ರಾಜೀನಾಮೆ ನೀಡಿದರು. ಆದರೆ ಪಕ್ಷದ ನಿರ್ಧಾರಗಳೆಲ್ಲ ಅವರ ಸುತ್ತಲೇ ಸುತ್ತುತ್ತಿವೆ.
ಕಾಂಗ್ರೆಸ್ ಪಕ್ಷದ ಸಂಘಟನೆ ದುರ್ಬಲಗೊಂಡಿದೆ. ಕಾರ್ಯಕರ್ತರಲ್ಲಿ ಉತ್ಸಾಹ ಕುಂದಿದೆ. ಹಿರಿಯ ನಾಯಕರು ಪಕ್ಷ ತೊರೆಯುತ್ತಿದ್ದಾರೆ. 2019ರ ಲೋಕಸಭಾ ಚುನಾವಣೆಯ ಸೋಲಿನ ನಂತರ ರಾಹುಲ್ ಅಧ್ಯಕ್ಷ ಸ್ಥಾನಕ್ಕೆ ರಾಜೀನಾಮೆ ನೀಡಿದರು. ಆದರೆ ಪಕ್ಷದ ನಿರ್ಧಾರಗಳೆಲ್ಲ ಅವರ ಸುತ್ತಲೇ ಸುತ್ತುತ್ತಿವೆ.
ಕಾಂಗ್ರೆಸ್‌ನ ಸಿದ್ಧಾಂತದಲ್ಲೇ ಸ್ಪಷ್ಟತೆ ಇಲ್ಲವಾಗಿದೆ. ಜಾತ್ಯತೀತತೆ ಮತ್ತು ಮೃದು ಹಿಂದುತ್ವದ ನಡುವೆ ಅದು ಓಲಾಡುತ್ತಿದೆ.
ಸುಧಾರಣೆಯ ಮಾತುಗಳು ಕೇವಲ ಭಾಷಣಕ್ಕೆ ಸೀಮಿತವಾಗಿವೆ. ಪಕ್ಷದೊಳಗೆ ಆಂತರಿಕ ಪ್ರಜಾಪ್ರಭುತ್ವ ಇಲ್ಲ. ಕುಟುಂಬ ರಾಜಕಾರಣದ ಆರೋಪದಿಂದ ಹೊರಬರಲು ಸಾಧ್ಯವಾಗುತ್ತಿಲ್ಲ. ಹೊಸ ತಲೆಮಾರಿನ ನಾಯಕರಿಗೆ ಅವಕಾಶ ಸಿಗುತ್ತಿಲ್ಲ. ರಾಜ್ಯ ಘಟಕಗಳಲ್ಲಿ ಗುಂಪುಗಾರಿಕೆ ಹೆಚ್ಚಿದೆ.
ಅವರ ಈ ಹಿಂದಿನ ಸುಧಾರಣಾ ಪ್ರಯತ್ನಗಳು ಫಲ ನೀಡಿಲ್ಲ. ಹೊಸ ಗುಜರಾತ್ ಪ್ರವಾಸದಲ್ಲಿ ಪಕ್ಷದ ಕಾರ್ಯಕರ್ತರನ್ನು ಉದ್ದೇಶಿಸಿ ಮಾತನಾಡಿದ ರಾಹುಲ್, ಬಿಜೆಪಿ ಜೊತೆ ಕೈಜೋಡಿಸಿರುವವರನ್ನು ಪಕ್ಷದಿಂದ ಹೊರಹಾಕುವುದಾಗಿ ಹೇಳಿದರು. ಇದು ಕಾರ್ಯಕರ್ತರಲ್ಲಿ ಗೊಂದಲ ಮೂಡಿಸಿದೆ.
ಪಕ್ಷ ಮುನ್ನಡೆಸುವ ನಾಯಕತ್ವ ಸ್ಪಷ್ಟವಾಗಬೇಕು. ಜನರ ಸಮಸ್ಯೆಗಳಿಗೆ ಸ್ಪಂದಿಸುವ ಕಾರ್ಯಕ್ರಮಗಳು ಬೇಕು. ಕೇವಲ ಟೀಕೆಯ ರಾಜಕಾರಣ ಫಲ ನೀಡುವುದಿಲ್ಲ. ಕಾಂಗ್ರೆಸ್ ನಿಜವಾದ ಸುಧಾರಣೆಗೆ ಮುಂದಾಗದಿದ್ದರೆ ಅದರ ಭವಿಷ್ಯ ಮಸುಕಾಗಲಿದೆ. ಪಕ್ಷದ ಉಳಿವಿಗೆ ಆತ್ಮಾವಲೋಕನ ಅಗತ್ಯ.
